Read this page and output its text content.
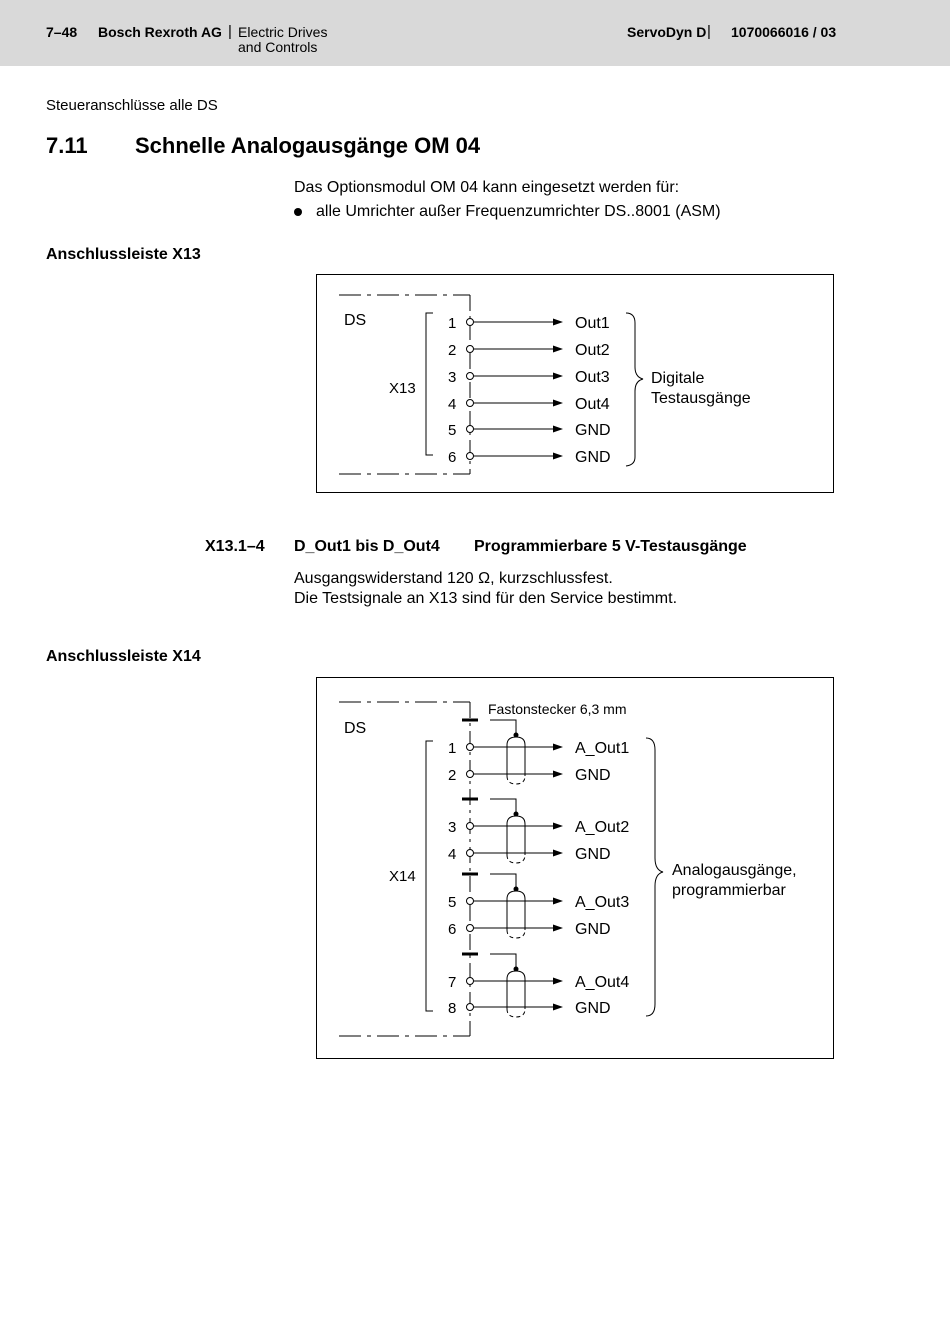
7–48 Bosch Rexroth AG | Electric Drives
and Controls
ServoDyn D | 1070066016 / 03
Steueranschlüsse alle DS
7.11 Schnelle Analogausgänge OM 04
Das Optionsmodul OM 04 kann eingesetzt werden für:
alle Umrichter außer Frequenzumrichter DS..8001 (ASM)
Anschlussleiste X13
1	Out1
2	Out2
3	Out3
4	Out4
5	GND
6	GND
DS
X13
Digitale
Testausgänge
X13.1–4 D_Out1 bis D_Out4 Programmierbare 5 V-Testausgänge
Ausgangswiderstand 120 Ω, kurzschlussfest.
Die Testsignale an X13 sind für den Service bestimmt.
Anschlussleiste X14
1	A_Out1
2	GND
3	A_Out2
4	GND
5	A_Out3
6	GND
7	A_Out4
8	GND
Fastonstecker 6,3 mm
DS
X14	Analogausgänge,
programmierbar
